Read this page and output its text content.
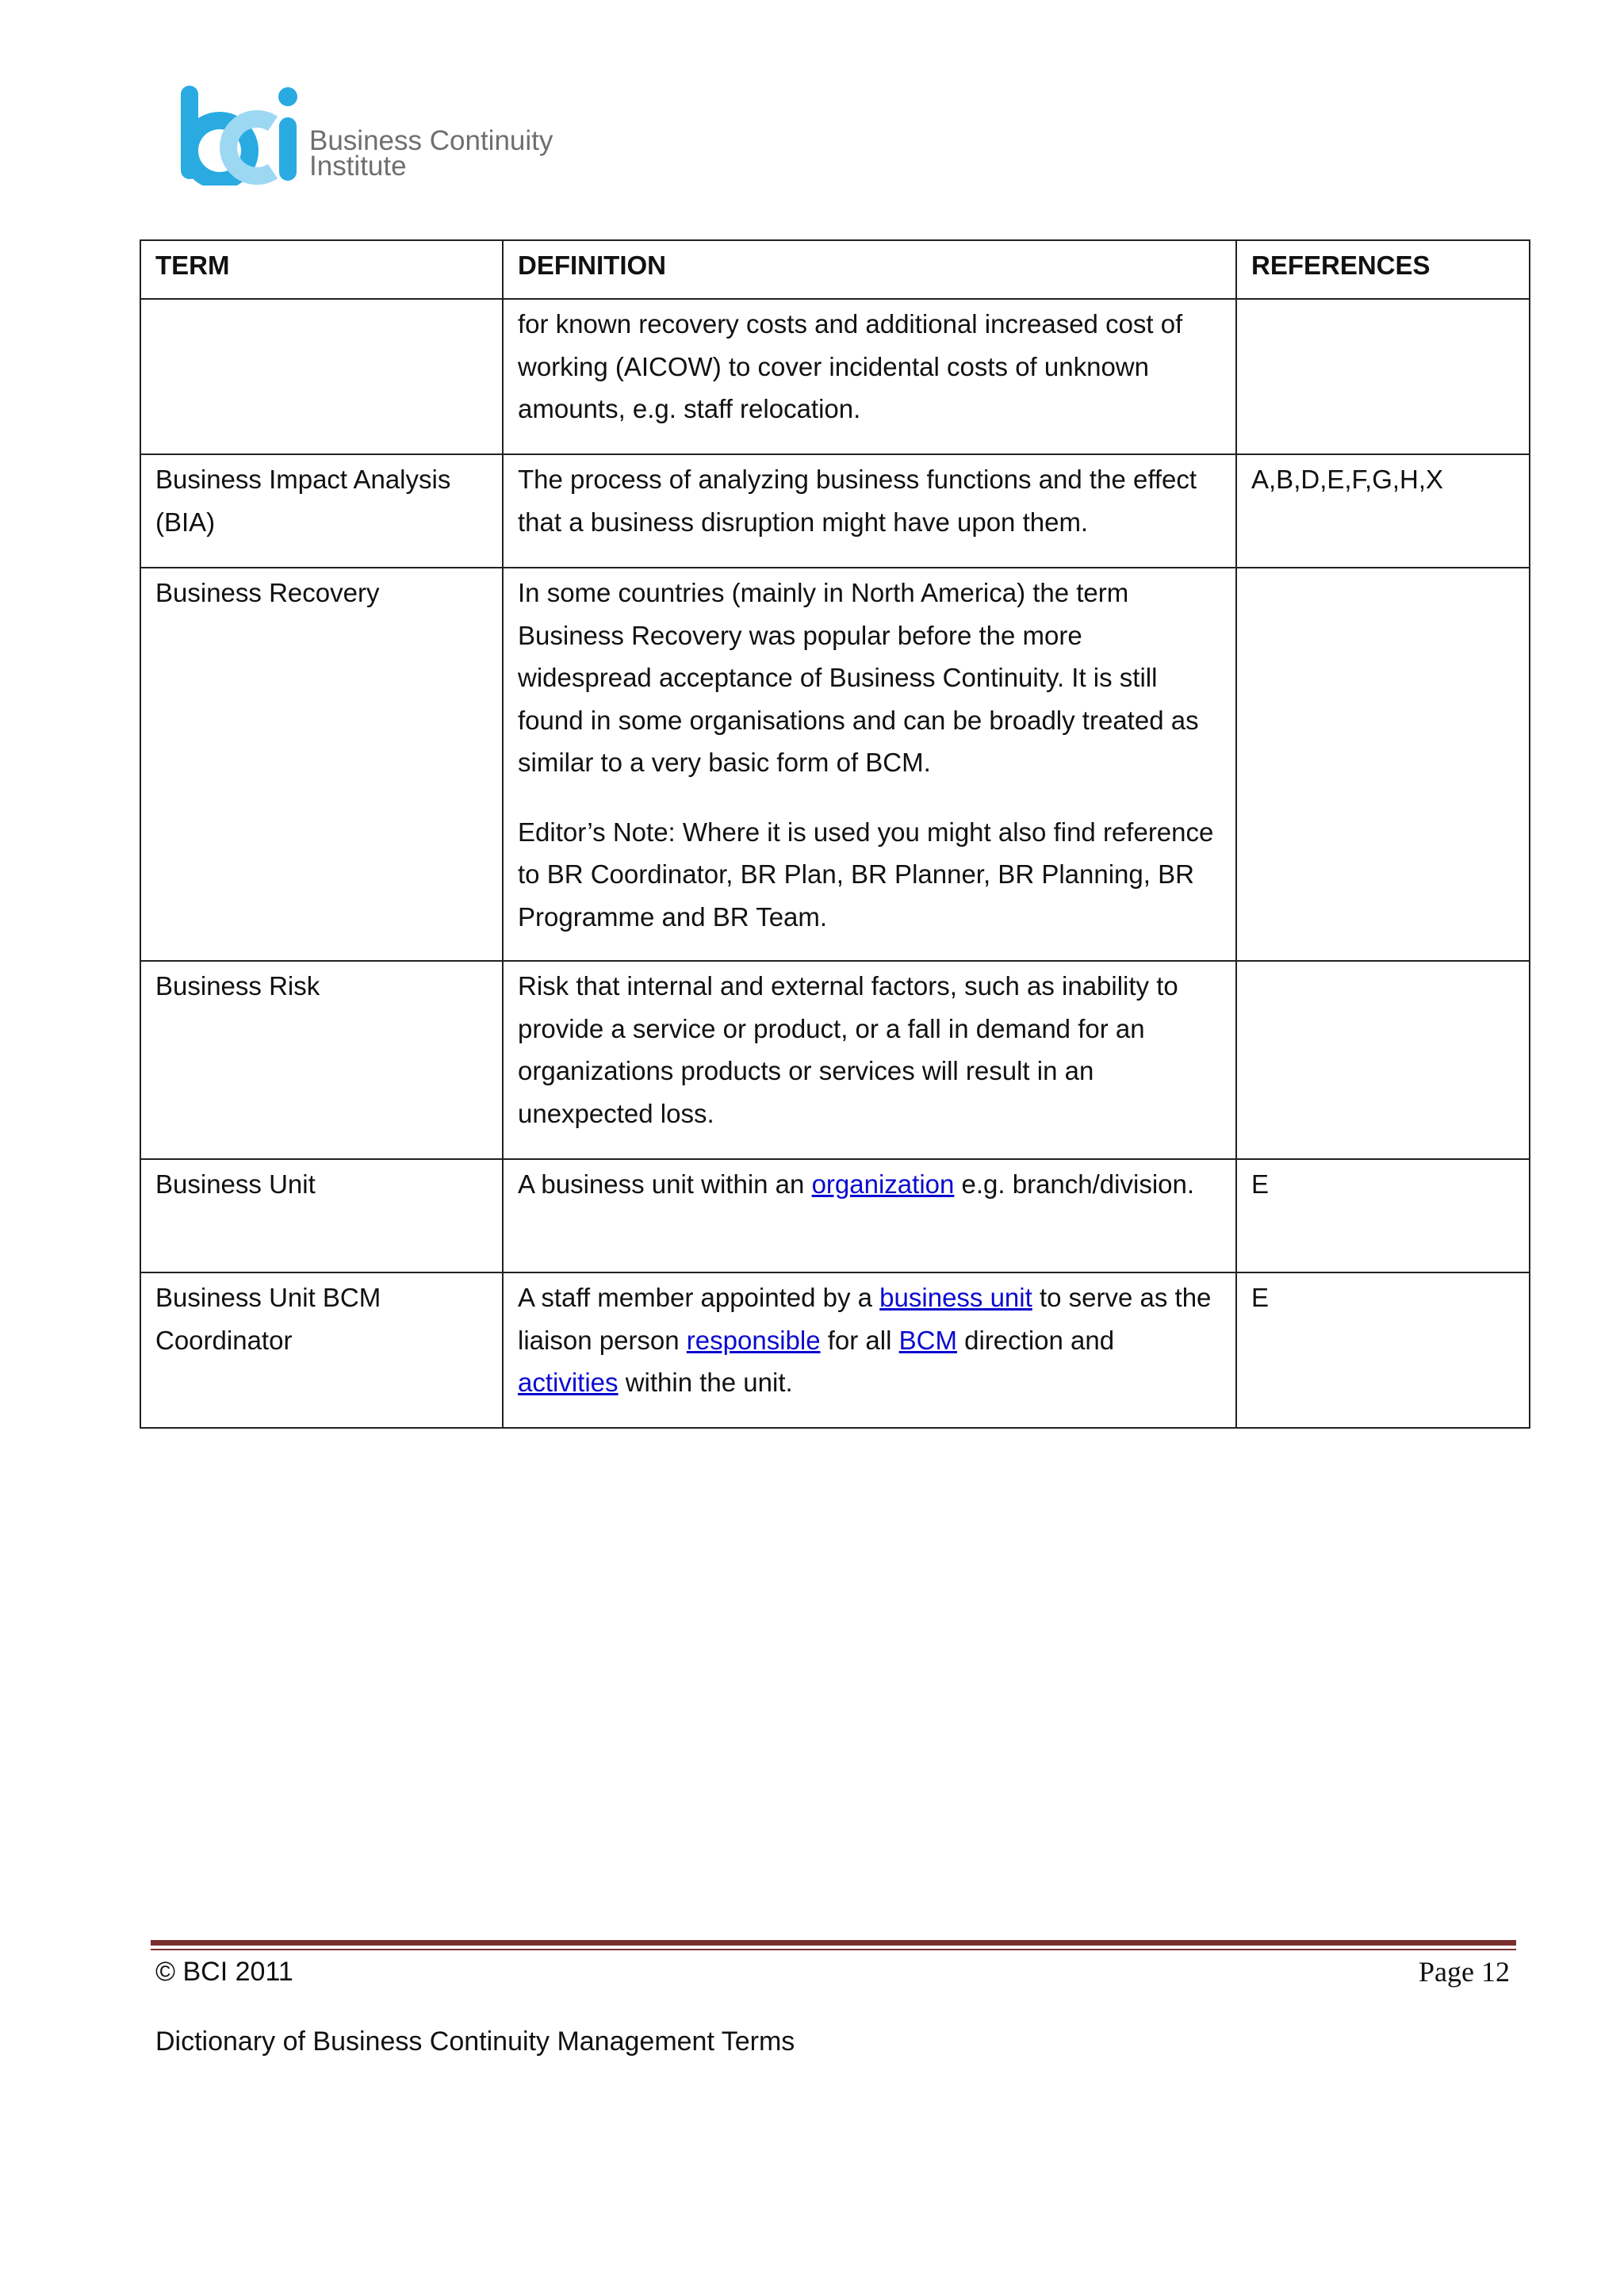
Business Continuity
Institute
TERM	DEFINITION	REFERENCES

	for known recovery costs and additional increased cost of working (AICOW) to cover incidental costs of unknown amounts, e.g. staff relocation.	

Business Impact Analysis (BIA)	The process of analyzing business functions and the effect that a business disruption might have upon them.	A,B,D,E,F,G,H,X
Business Recovery	In some countries (mainly in North America) the term Business Recovery was popular before the more widespread acceptance of Business Continuity. It is still found in some organisations and can be broadly treated as similar to a very basic form of BCM.

Editor’s Note: Where it is used you might also find reference to BR Coordinator, BR Plan, BR Planner, BR Planning, BR Programme and BR Team.	

Business Risk	Risk that internal and external factors, such as inability to provide a service or product, or a fall in demand for an organizations products or services will result in an unexpected loss.	

Business Unit	A business unit within an organization e.g. branch/division.	E
Business Unit BCM Coordinator	A staff member appointed by a business unit to serve as the liaison person responsible for all BCM direction and activities within the unit.	E
© BCI 2011	Page 12
Dictionary of Business Continuity Management Terms
